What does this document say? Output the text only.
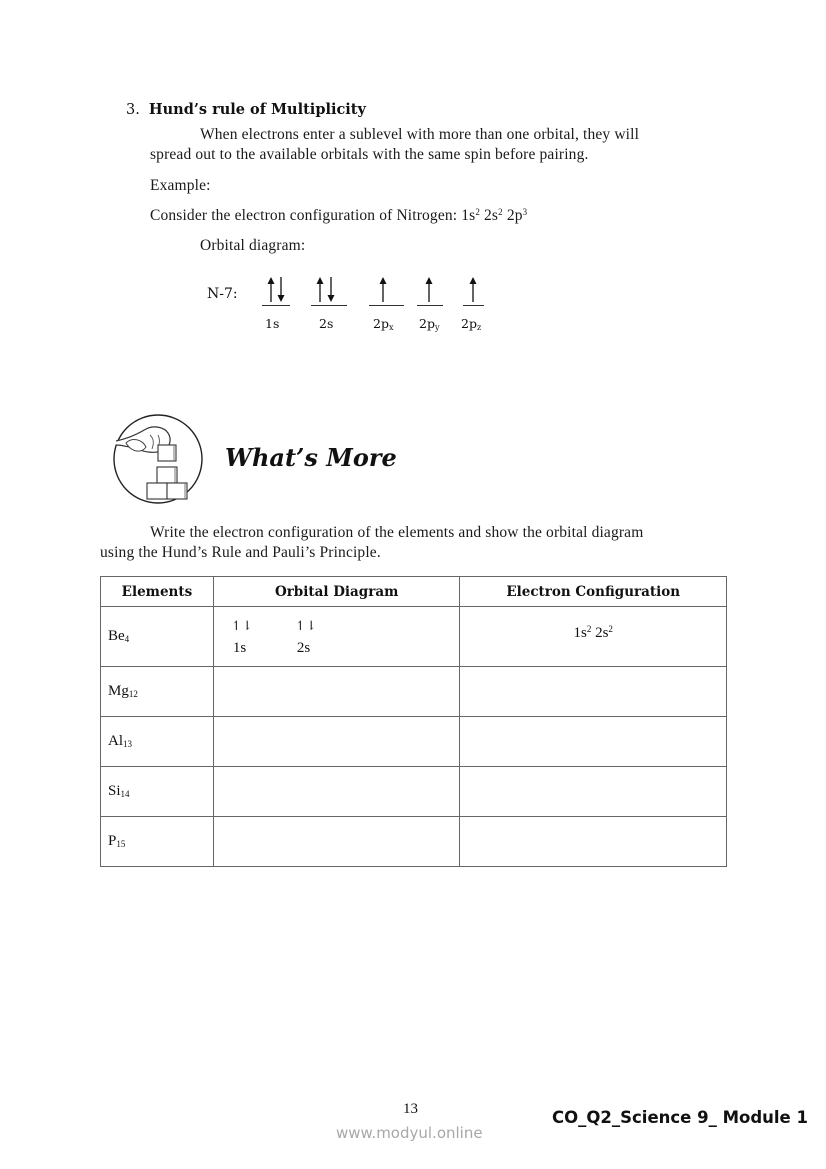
3. Hund’s rule of Multiplicity
When electrons enter a sublevel with more than one orbital, they will
spread out to the available orbitals with the same spin before pairing.
Example:
Consider the electron configuration of Nitrogen: $1s^2$ $2s^2$ $2p^3$
Orbital diagram:
N-7:
1s	2s	$2p_x$ $2p_y$ $2p_z$
What’s More
Write the electron configuration of the elements and show the orbital diagram
using the Hund’s Rule and Pauli’s Principle.
Elements	Orbital Diagram	Electron Configuration
$Be_4$	↿⇂ ↿⇂
1s 2s	$1s^2$ $2s^2$
$Mg_{12}$		
$Al_{13}$		
$Si_{14}$		
$P_{15}$		
13	CO_Q2_Science 9_ Module 1
www.modyul.online
